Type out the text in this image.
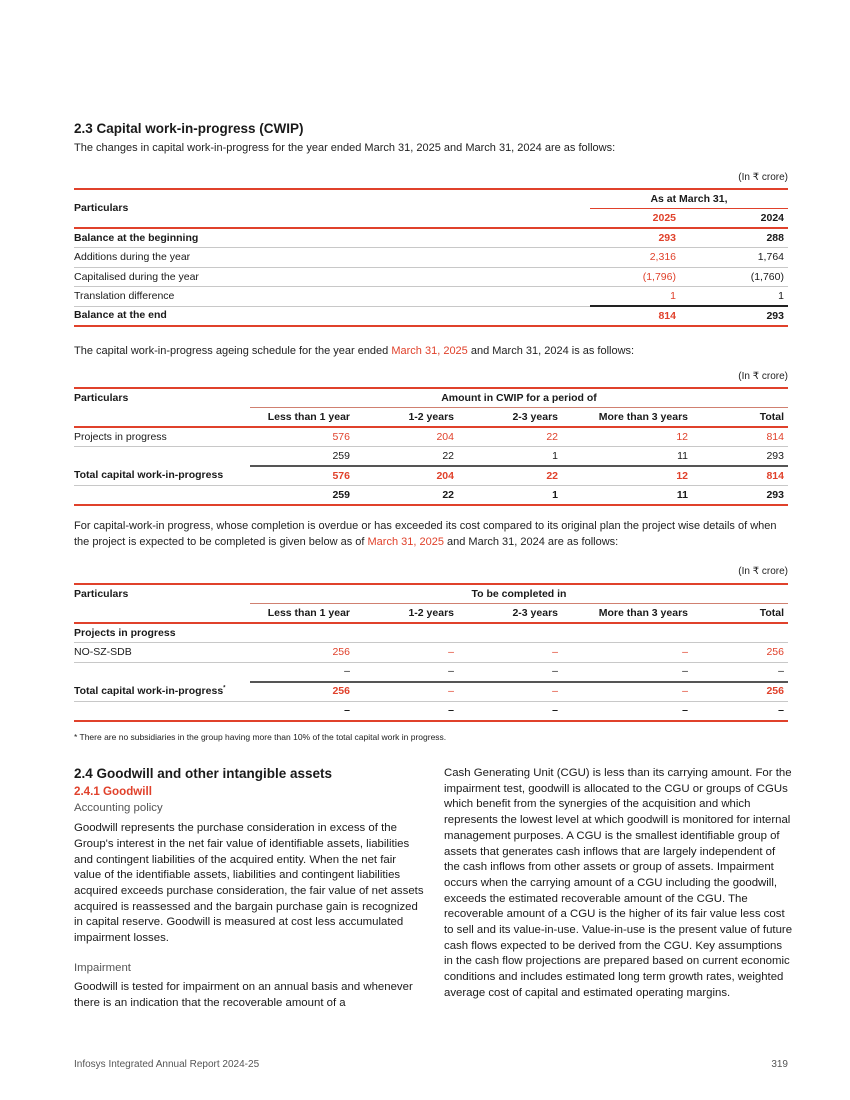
2.3 Capital work-in-progress (CWIP)
The changes in capital work-in-progress for the year ended March 31, 2025 and March 31, 2024 are as follows:
(In ₹ crore)
Particulars	As at March 31,	
	2025	2024
Balance at the beginning	293	288
Additions during the year	2,316	1,764
Capitalised during the year	(1,796)	(1,760)
Translation difference	1	1
Balance at the end	814	293
The capital work-in-progress ageing schedule for the year ended March 31, 2025 and March 31, 2024 is as follows:
(In ₹ crore)
Particulars	Amount in CWIP for a period of				
	Less than 1 year	1-2 years	2-3 years	More than 3 years	Total
Projects in progress	576	204	22	12	814
	259	22	1	11	293
Total capital work-in-progress	576	204	22	12	814
	259	22	1	11	293
For capital-work-in progress, whose completion is overdue or has exceeded its cost compared to its original plan the project wise details of when the project is expected to be completed is given below as of March 31, 2025 and March 31, 2024 are as follows:
(In ₹ crore)
Particulars	To be completed in				
	Less than 1 year	1-2 years	2-3 years	More than 3 years	Total
Projects in progress					
NO-SZ-SDB	256	–	–	–	256
	–	–	–	–	–
Total capital work-in-progress*	256	–	–	–	256
	–	–	–	–	–
* There are no subsidiaries in the group having more than 10% of the total capital work in progress.
2.4 Goodwill and other intangible assets
2.4.1 Goodwill
Accounting policy

Goodwill represents the purchase consideration in excess of the Group's interest in the net fair value of identifiable assets, liabilities and contingent liabilities of the acquired entity. When the net fair value of the identifiable assets, liabilities and contingent liabilities acquired exceeds purchase consideration, the fair value of net assets acquired is reassessed and the bargain purchase gain is recognized in capital reserve. Goodwill is measured at cost less accumulated impairment losses.

Impairment

Goodwill is tested for impairment on an annual basis and whenever there is an indication that the recoverable amount of a

Cash Generating Unit (CGU) is less than its carrying amount. For the impairment test, goodwill is allocated to the CGU or groups of CGUs which benefit from the synergies of the acquisition and which represents the lowest level at which goodwill is monitored for internal management purposes. A CGU is the smallest identifiable group of assets that generates cash inflows that are largely independent of the cash inflows from other assets or group of assets. Impairment occurs when the carrying amount of a CGU including the goodwill, exceeds the estimated recoverable amount of the CGU. The recoverable amount of a CGU is the higher of its fair value less cost to sell and its value-in-use. Value-in-use is the present value of future cash flows expected to be derived from the CGU. Key assumptions in the cash flow projections are prepared based on current economic conditions and includes estimated long term growth rates, weighted average cost of capital and estimated operating margins.

Infosys Integrated Annual Report 2024-25	319
